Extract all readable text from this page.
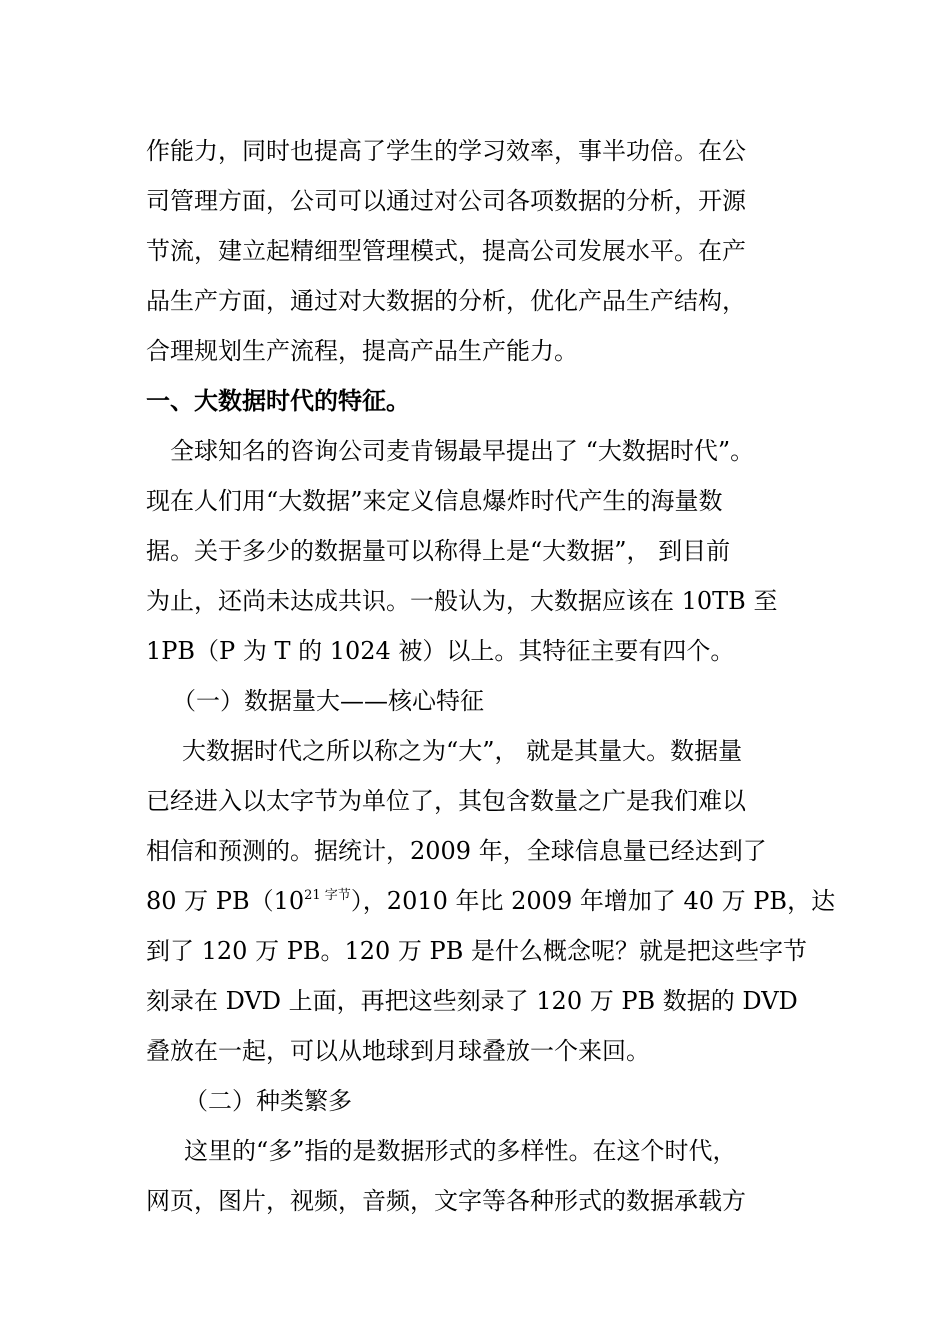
作能力，同时也提高了学生的学习效率，事半功倍。在公

司管理方面，公司可以通过对公司各项数据的分析，开源

节流，建立起精细型管理模式，提高公司发展水平。在产

品生产方面，通过对大数据的分析，优化产品生产结构，

合理规划生产流程，提高产品生产能力。

一、大数据时代的特征。

全球知名的咨询公司麦肯锡最早提出了 “大数据时代”。

现在人们用“大数据”来定义信息爆炸时代产生的海量数

据。关于多少的数据量可以称得上是“大数据”， 到目前

为止，还尚未达成共识。一般认为，大数据应该在 10TB 至

1PB（P 为 T 的 1024 被）以上。其特征主要有四个。

（一）数据量大——核心特征

大数据时代之所以称之为“大”， 就是其量大。数据量

已经进入以太字节为单位了，其包含数量之广是我们难以

相信和预测的。据统计，2009 年，全球信息量已经达到了

80 万 $PB(10^{21 字节})$，2010 年比 2009 年增加了 40 万 PB，达

到了 120 万 PB。120 万 PB 是什么概念呢？就是把这些字节

刻录在 DVD 上面，再把这些刻录了 120 万 PB 数据的 DVD

叠放在一起，可以从地球到月球叠放一个来回。

（二）种类繁多

这里的“多”指的是数据形式的多样性。在这个时代，

网页，图片，视频，音频，文字等各种形式的数据承载方
